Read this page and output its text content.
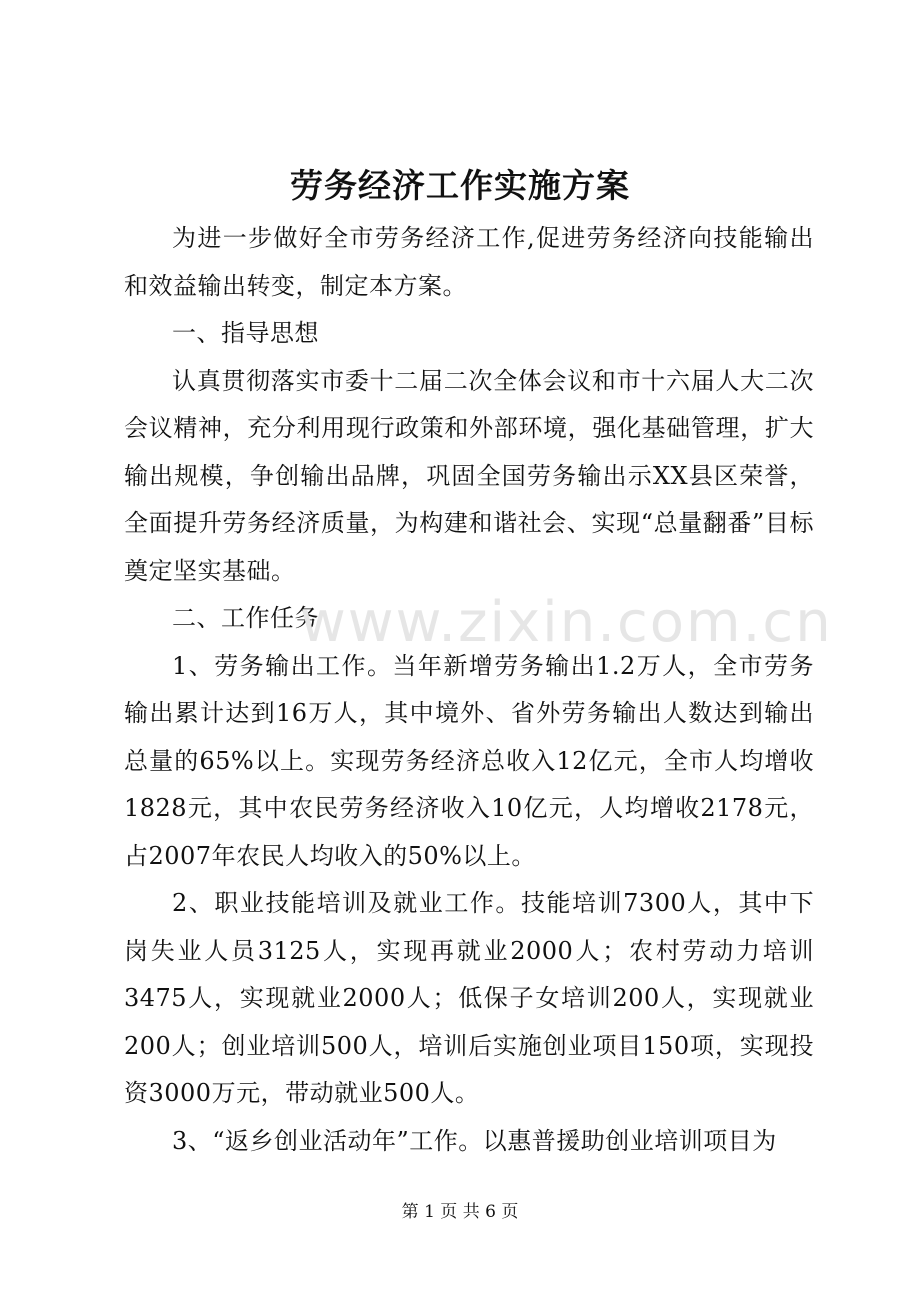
劳务经济工作实施方案

为进一步做好全市劳务经济工作,促进劳务经济向技能输出和效益输出转变，制定本方案。

一、指导思想

认真贯彻落实市委十二届二次全体会议和市十六届人大二次会议精神，充分利用现行政策和外部环境，强化基础管理，扩大输出规模，争创输出品牌，巩固全国劳务输出示XX县区荣誉，全面提升劳务经济质量，为构建和谐社会、实现“总量翻番”目标奠定坚实基础。

二、工作任务

1、劳务输出工作。当年新增劳务输出1.2万人，全市劳务输出累计达到16万人，其中境外、省外劳务输出人数达到输出总量的65%以上。实现劳务经济总收入12亿元，全市人均增收1828元，其中农民劳务经济收入10亿元，人均增收2178元，占2007年农民人均收入的50%以上。

2、职业技能培训及就业工作。技能培训7300人，其中下岗失业人员3125人，实现再就业2000人；农村劳动力培训3475人，实现就业2000人；低保子女培训200人，实现就业200人；创业培训500人，培训后实施创业项目150项，实现投资3000万元，带动就业500人。

3、“返乡创业活动年”工作。以惠普援助创业培训项目为

www.zixin.com.cn
第 1 页 共 6 页
